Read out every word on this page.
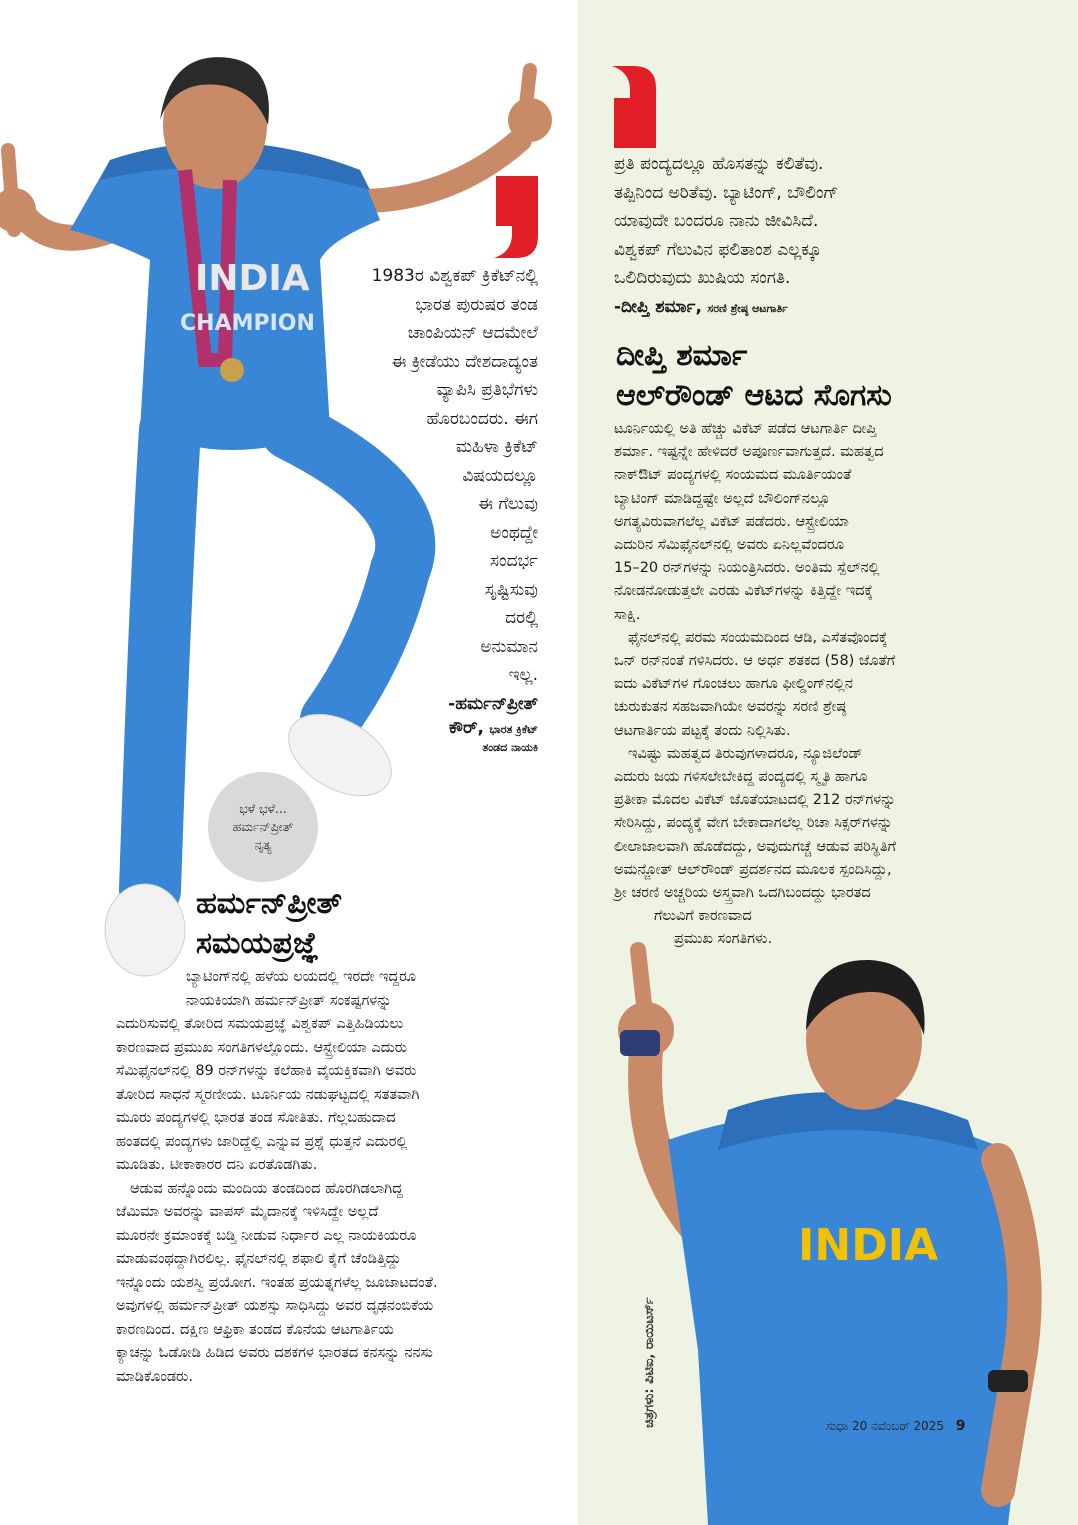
INDIA
CHAMPION

1983ರ ವಿಶ್ವಕಪ್ ಕ್ರಿಕೆಟ್‌ನಲ್ಲಿ

ಭಾರತ ಪುರುಷರ ತಂಡ

ಚಾಂಪಿಯನ್ ಆದಮೇಲೆ

ಈ ಕ್ರೀಡೆಯು ದೇಶದಾದ್ಯಂತ

ವ್ಯಾಪಿಸಿ ಪ್ರತಿಭೆಗಳು

ಹೊರಬಂದರು. ಈಗ

ಮಹಿಳಾ ಕ್ರಿಕೆಟ್

ವಿಷಯದಲ್ಲೂ

ಈ ಗೆಲುವು

ಅಂಥದ್ದೇ

ಸಂದರ್ಭ

ಸೃಷ್ಟಿಸುವು

ದರಲ್ಲಿ

ಅನುಮಾನ

ಇಲ್ಲ.

-ಹರ್ಮನ್‌ಪ್ರೀತ್

ಕೌರ್, ಭಾರತ ಕ್ರಿಕೆಟ್

ತಂಡದ ನಾಯಕಿ

ಭಳೆ ಭಳೆ...
ಹರ್ಮನ್‌ಪ್ರೀತ್
ನೃತ್ಯ
ಹರ್ಮನ್‌ಪ್ರೀತ್
ಸಮಯಪ್ರಜ್ಞೆ

ಬ್ಯಾಟಿಂಗ್‌ನಲ್ಲಿ ಹಳೆಯ ಲಯದಲ್ಲಿ ಇರದೇ ಇದ್ದರೂ

ನಾಯಕಿಯಾಗಿ ಹರ್ಮನ್‌ಪ್ರೀತ್ ಸಂಕಷ್ಟಗಳನ್ನು

ಎದುರಿಸುವಲ್ಲಿ ತೋರಿದ ಸಮಯಪ್ರಜ್ಞೆ ವಿಶ್ವಕಪ್ ಎತ್ತಿಹಿಡಿಯಲು

ಕಾರಣವಾದ ಪ್ರಮುಖ ಸಂಗತಿಗಳಲ್ಲೊಂದು. ಆಸ್ಟ್ರೇಲಿಯಾ ಎದುರು

ಸೆಮಿಫೈನಲ್‌ನಲ್ಲಿ 89 ರನ್‌ಗಳನ್ನು ಕಲೆಹಾಕಿ ವೈಯಕ್ತಿಕವಾಗಿ ಅವರು

ತೋರಿದ ಸಾಧನೆ ಸ್ಮರಣೀಯ. ಟೂರ್ನಿಯ ನಡುಘಟ್ಟದಲ್ಲಿ ಸತತವಾಗಿ

ಮೂರು ಪಂದ್ಯಗಳಲ್ಲಿ ಭಾರತ ತಂಡ ಸೋತಿತು. ಗೆಲ್ಲಬಹುದಾದ

ಹಂತದಲ್ಲಿ ಪಂದ್ಯಗಳು ಜಾರಿದ್ದೆಲ್ಲಿ ಎನ್ನುವ ಪ್ರಶ್ನೆ ಧುತ್ತನೆ ಎದುರಲ್ಲಿ

ಮೂಡಿತು. ಟೀಕಾಕಾರರ ದನಿ ಏರತೊಡಗಿತು.

ಆಡುವ ಹನ್ನೊಂದು ಮಂದಿಯ ತಂಡದಿಂದ ಹೊರಗಿಡಲಾಗಿದ್ದ

ಜೆಮಿಮಾ ಅವರನ್ನು ವಾಪಸ್ ಮೈದಾನಕ್ಕೆ ಇಳಿಸಿದ್ದೇ ಅಲ್ಲದೆ

ಮೂರನೇ ಕ್ರಮಾಂಕಕ್ಕೆ ಬಡ್ತಿ ನೀಡುವ ನಿರ್ಧಾರ ಎಲ್ಲ ನಾಯಕಿಯರೂ

ಮಾಡುವಂಥದ್ದಾಗಿರಲಿಲ್ಲ. ಫೈನಲ್‌ನಲ್ಲಿ ಶಫಾಲಿ ಕೈಗೆ ಚೆಂಡಿತ್ತಿದ್ದು

ಇನ್ನೊಂದು ಯಶಸ್ವಿ ಪ್ರಯೋಗ. ಇಂತಹ ಪ್ರಯತ್ನಗಳೆಲ್ಲ ಜೂಜಾಟದಂತೆ.

ಅವುಗಳಲ್ಲಿ ಹರ್ಮನ್‌ಪ್ರೀತ್ ಯಶಸ್ಸು ಸಾಧಿಸಿದ್ದು ಅವರ ದೃಢನಂಬಿಕೆಯ

ಕಾರಣದಿಂದ. ದಕ್ಷಿಣ ಆಫ್ರಿಕಾ ತಂಡದ ಕೊನೆಯ ಆಟಗಾರ್ತಿಯ

ಕ್ಯಾಚನ್ನು ಓಡೋಡಿ ಹಿಡಿದ ಅವರು ದಶಕಗಳ ಭಾರತದ ಕನಸನ್ನು ನನಸು

ಮಾಡಿಕೊಂಡರು.

ಪ್ರತಿ ಪಂದ್ಯದಲ್ಲೂ ಹೊಸತನ್ನು ಕಲಿತೆವು.

ತಪ್ಪಿನಿಂದ ಅರಿತೆವು. ಬ್ಯಾಟಿಂಗ್, ಬೌಲಿಂಗ್

ಯಾವುದೇ ಬಂದರೂ ನಾನು ಜೀವಿಸಿದೆ.

ವಿಶ್ವಕಪ್ ಗೆಲುವಿನ ಫಲಿತಾಂಶ ಎಲ್ಲಕ್ಕೂ

ಒಲಿದಿರುವುದು ಖುಷಿಯ ಸಂಗತಿ.

-ದೀಪ್ತಿ ಶರ್ಮಾ, ಸರಣಿ ಶ್ರೇಷ್ಠ ಆಟಗಾರ್ತಿ

ದೀಪ್ತಿ ಶರ್ಮಾ
ಆಲ್‌ರೌಂಡ್ ಆಟದ ಸೊಗಸು

ಟೂರ್ನಿಯಲ್ಲಿ ಅತಿ ಹೆಚ್ಚು ವಿಕೆಟ್ ಪಡೆದ ಆಟಗಾರ್ತಿ ದೀಪ್ತಿ

ಶರ್ಮಾ. ಇಷ್ಟನ್ನೇ ಹೇಳಿದರೆ ಅಪೂರ್ಣವಾಗುತ್ತದೆ. ಮಹತ್ವದ

ನಾಕ್‌ಔಟ್ ಪಂದ್ಯಗಳಲ್ಲಿ ಸಂಯಮದ ಮೂರ್ತಿಯಂತೆ

ಬ್ಯಾಟಿಂಗ್ ಮಾಡಿದ್ದಷ್ಟೇ ಅಲ್ಲದೆ ಬೌಲಿಂಗ್‌ನಲ್ಲೂ

ಅಗತ್ಯವಿರುವಾಗಲೆಲ್ಲ ವಿಕೆಟ್ ಪಡೆದರು. ಆಸ್ಟ್ರೇಲಿಯಾ

ಎದುರಿನ ಸೆಮಿಫೈನಲ್‌ನಲ್ಲಿ ಅವರು ಏನಿಲ್ಲವೆಂದರೂ

15–20 ರನ್‌ಗಳನ್ನು ನಿಯಂತ್ರಿಸಿದರು. ಅಂತಿಮ ಸ್ಪೆಲ್‌ನಲ್ಲಿ

ನೋಡನೋಡುತ್ತಲೇ ಎರಡು ವಿಕೆಟ್‌ಗಳನ್ನು ಕಿತ್ತಿದ್ದೇ ಇದಕ್ಕೆ

ಸಾಕ್ಷಿ.

ಫೈನಲ್‌ನಲ್ಲಿ ಪರಮ ಸಂಯಮದಿಂದ ಆಡಿ, ಎಸೆತವೊಂದಕ್ಕೆ

ಒನ್ ರನ್‌ನಂತೆ ಗಳಿಸಿದರು. ಆ ಅರ್ಧ ಶತಕದ (58) ಜೊತೆಗೆ

ಐದು ವಿಕೆಟ್‌ಗಳ ಗೊಂಚಲು ಹಾಗೂ ಫೀಲ್ಡಿಂಗ್‌ನಲ್ಲಿನ

ಚುರುಕುತನ ಸಹಜವಾಗಿಯೇ ಅವರನ್ನು ಸರಣಿ ಶ್ರೇಷ್ಠ

ಆಟಗಾರ್ತಿಯ ಪಟ್ಟಕ್ಕೆ ತಂದು ನಿಲ್ಲಿಸಿತು.

ಇವಿಷ್ಟು ಮಹತ್ವದ ತಿರುವುಗಳಾದರೂ, ನ್ಯೂಜಿಲೆಂಡ್

ಎದುರು ಜಯ ಗಳಿಸಲೇಬೇಕಿದ್ದ ಪಂದ್ಯದಲ್ಲಿ ಸ್ಮೃತಿ ಹಾಗೂ

ಪ್ರತೀಕಾ ಮೊದಲ ವಿಕೆಟ್ ಜೊತೆಯಾಟದಲ್ಲಿ 212 ರನ್‌ಗಳನ್ನು

ಸೇರಿಸಿದ್ದು, ಪಂದ್ಯಕ್ಕೆ ವೇಗ ಬೇಕಾದಾಗಲೆಲ್ಲ ರಿಚಾ ಸಿಕ್ಸರ್‌ಗಳನ್ನು

ಲೀಲಾಜಾಲವಾಗಿ ಹೊಡೆದದ್ದು, ಅವುದುಗಚ್ಚೆ ಆಡುವ ಪರಿಸ್ಥಿತಿಗೆ

ಅಮನ್ಜೋತ್ ಆಲ್‌ರೌಂಡ್ ಪ್ರದರ್ಶನದ ಮೂಲಕ ಸ್ಪಂದಿಸಿದ್ದು,

ಶ್ರೀ ಚರಣಿ ಅಚ್ಚರಿಯ ಅಸ್ತ್ರವಾಗಿ ಒದಗಿಬಂದದ್ದು ಭಾರತದ

ಗೆಲುವಿಗೆ ಕಾರಣವಾದ

ಪ್ರಮುಖ ಸಂಗತಿಗಳು.

INDIA
ಚಿತ್ರಗಳು: ಪಿಟಿಐ, ರಾಯಿಟರ್ಸ್	ಸುಧಾ 20 ನವೆಂಬರ್ 2025 9
